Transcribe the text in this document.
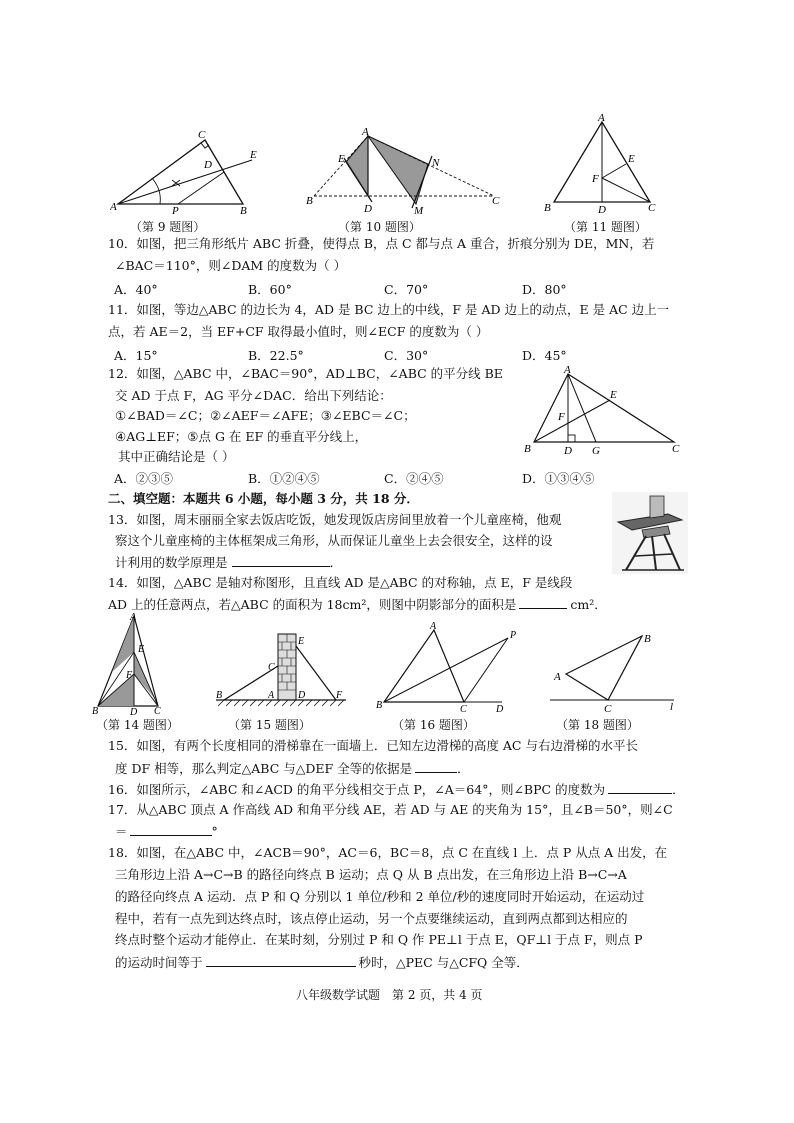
A
C
D
E
P	B
（第 9 题图）
A
E	N
B
D	M
C
（第 10 题图）
A
E
F
B	D	C
（第 11 题图）
10．如图，把三角形纸片 ABC 折叠，使得点 B，点 C 都与点 A 重合，折痕分别为 DE，MN，若
∠BAC＝110°，则∠DAM 的度数为（ ）
A．40°	B．60°	C．70°	D．80°
11．如图，等边△ABC 的边长为 4，AD 是 BC 边上的中线，F 是 AD 边上的动点，E 是 AC 边上一
点，若 AE＝2，当 EF+CF 取得最小值时，则∠ECF 的度数为（ ）
A．15°	B．22.5°	C．30°	D．45°
12．如图，△ABC 中，∠BAC＝90°，AD⊥BC，∠ABC 的平分线 BE
交 AD 于点 F，AG 平分∠DAC．给出下列结论：
①∠BAD＝∠C；②∠AEF＝∠AFE；③∠EBC＝∠C；
④AG⊥EF；⑤点 G 在 EF 的垂直平分线上，
其中正确结论是（ ）
A
E
F
B	D G	C
A．②③⑤	B．①②④⑤	C．②④⑤	D．①③④⑤
二、填空题：本题共 6 小题，每小题 3 分，共 18 分．
13．如图，周末丽丽全家去饭店吃饭，她发现饭店房间里放着一个儿童座椅，他观
察这个儿童座椅的主体框架成三角形，从而保证儿童坐上去会很安全，这样的设
计利用的数学原理是	．
14．如图，△ABC 是轴对称图形，且直线 AD 是△ABC 的对称轴，点 E，F 是线段
AD 上的任意两点，若△ABC 的面积为 18cm²，则图中阴影部分的面积是	cm²．
A
E
F
B	D C
（第 14 题图）
B
C
A D
E
F
（第 15 题图）
A
P
B	C	D
（第 16 题图）
A
B
C	l
（第 18 题图）
15．如图，有两个长度相同的滑梯靠在一面墙上．已知左边滑梯的高度 AC 与右边滑梯的水平长
度 DF 相等，那么判定△ABC 与△DEF 全等的依据是	．
16．如图所示，∠ABC 和∠ACD 的角平分线相交于点 P，∠A＝64°，则∠BPC 的度数为	．
17．从△ABC 顶点 A 作高线 AD 和角平分线 AE，若 AD 与 AE 的夹角为 15°，且∠B＝50°，则∠C
＝	°
18．如图，在△ABC 中，∠ACB＝90°，AC＝6，BC＝8，点 C 在直线 l 上．点 P 从点 A 出发，在
三角形边上沿 A→C→B 的路径向终点 B 运动；点 Q 从 B 点出发，在三角形边上沿 B→C→A
的路径向终点 A 运动．点 P 和 Q 分别以 1 单位/秒和 2 单位/秒的速度同时开始运动，在运动过
程中，若有一点先到达终点时，该点停止运动，另一个点要继续运动，直到两点都到达相应的
终点时整个运动才能停止．在某时刻，分别过 P 和 Q 作 PE⊥l 于点 E，QF⊥l 于点 F，则点 P
的运动时间等于	秒时，△PEC 与△CFQ 全等．
八年级数学试题　第 2 页，共 4 页
